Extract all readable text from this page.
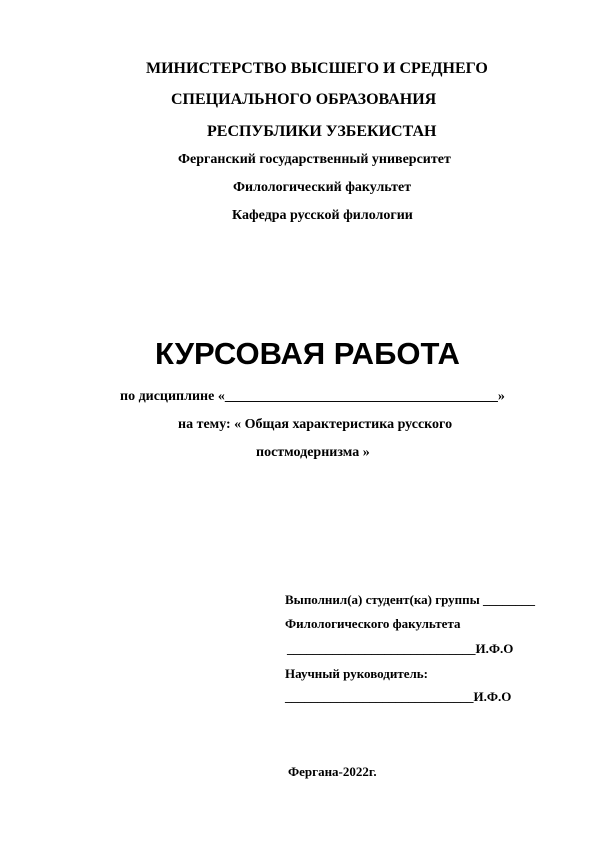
МИНИСТЕРСТВО ВЫСШЕГО И СРЕДНЕГО
СПЕЦИАЛЬНОГО ОБРАЗОВАНИЯ
РЕСПУБЛИКИ УЗБЕКИСТАН
Ферганский государственный университет
Филологический факультет
Кафедра русской филологии
КУРСОВАЯ РАБОТА
по дисциплине «_______________________________________»
на тему: « Общая характеристика русского
постмодернизма »
Выполнил(а) студент(ка) группы ________
Филологического факультета
_____________________________И.Ф.О
Научный руководитель:
_____________________________И.Ф.О
Фергана-2022г.
